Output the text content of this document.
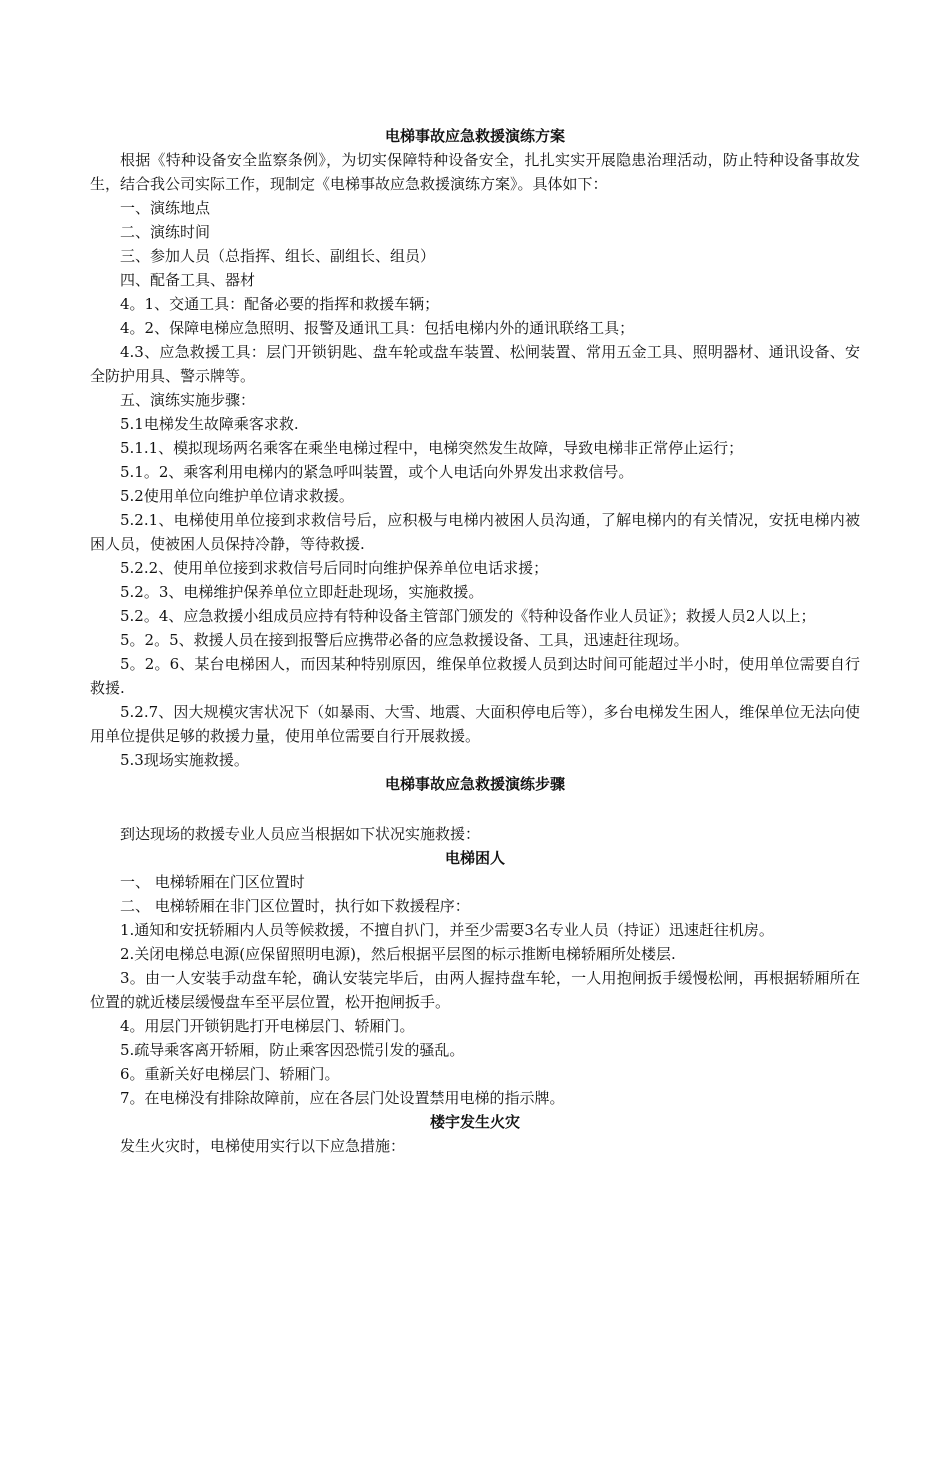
电梯事故应急救援演练方案

根据《特种设备安全监察条例》，为切实保障特种设备安全，扎扎实实开展隐患治理活动，防止特种设备事故发生，结合我公司实际工作，现制定《电梯事故应急救援演练方案》。具体如下：

一、演练地点

二、演练时间

三、参加人员（总指挥、组长、副组长、组员）

四、配备工具、器材

4。1、交通工具：配备必要的指挥和救援车辆；

4。2、保障电梯应急照明、报警及通讯工具：包括电梯内外的通讯联络工具；

4.3、应急救援工具：层门开锁钥匙、盘车轮或盘车装置、松闸装置、常用五金工具、照明器材、通讯设备、安全防护用具、警示牌等。

五、演练实施步骤：

5.1电梯发生故障乘客求救.

5.1.1、模拟现场两名乘客在乘坐电梯过程中，电梯突然发生故障，导致电梯非正常停止运行；

5.1。2、乘客利用电梯内的紧急呼叫装置，或个人电话向外界发出求救信号。

5.2使用单位向维护单位请求救援。

5.2.1、电梯使用单位接到求救信号后，应积极与电梯内被困人员沟通，了解电梯内的有关情况，安抚电梯内被困人员，使被困人员保持冷静，等待救援.

5.2.2、使用单位接到求救信号后同时向维护保养单位电话求援；

5.2。3、电梯维护保养单位立即赶赴现场，实施救援。

5.2。4、应急救援小组成员应持有特种设备主管部门颁发的《特种设备作业人员证》；救援人员2人以上；

5。2。5、救援人员在接到报警后应携带必备的应急救援设备、工具，迅速赶往现场。

5。2。6、某台电梯困人，而因某种特别原因，维保单位救援人员到达时间可能超过半小时，使用单位需要自行救援.

5.2.7、因大规模灾害状况下（如暴雨、大雪、地震、大面积停电后等），多台电梯发生困人，维保单位无法向使用单位提供足够的救援力量，使用单位需要自行开展救援。

5.3现场实施救援。

电梯事故应急救援演练步骤

到达现场的救援专业人员应当根据如下状况实施救援：

电梯困人

一、 电梯轿厢在门区位置时

二、 电梯轿厢在非门区位置时，执行如下救援程序：

1.通知和安抚轿厢内人员等候救援，不擅自扒门，并至少需要3名专业人员（持证）迅速赶往机房。

2.关闭电梯总电源(应保留照明电源)，然后根据平层图的标示推断电梯轿厢所处楼层.

3。由一人安装手动盘车轮，确认安装完毕后，由两人握持盘车轮，一人用抱闸扳手缓慢松闸，再根据轿厢所在位置的就近楼层缓慢盘车至平层位置，松开抱闸扳手。

4。用层门开锁钥匙打开电梯层门、轿厢门。

5.疏导乘客离开轿厢，防止乘客因恐慌引发的骚乱。

6。重新关好电梯层门、轿厢门。

7。在电梯没有排除故障前，应在各层门处设置禁用电梯的指示牌。

楼宇发生火灾

发生火灾时，电梯使用实行以下应急措施：
